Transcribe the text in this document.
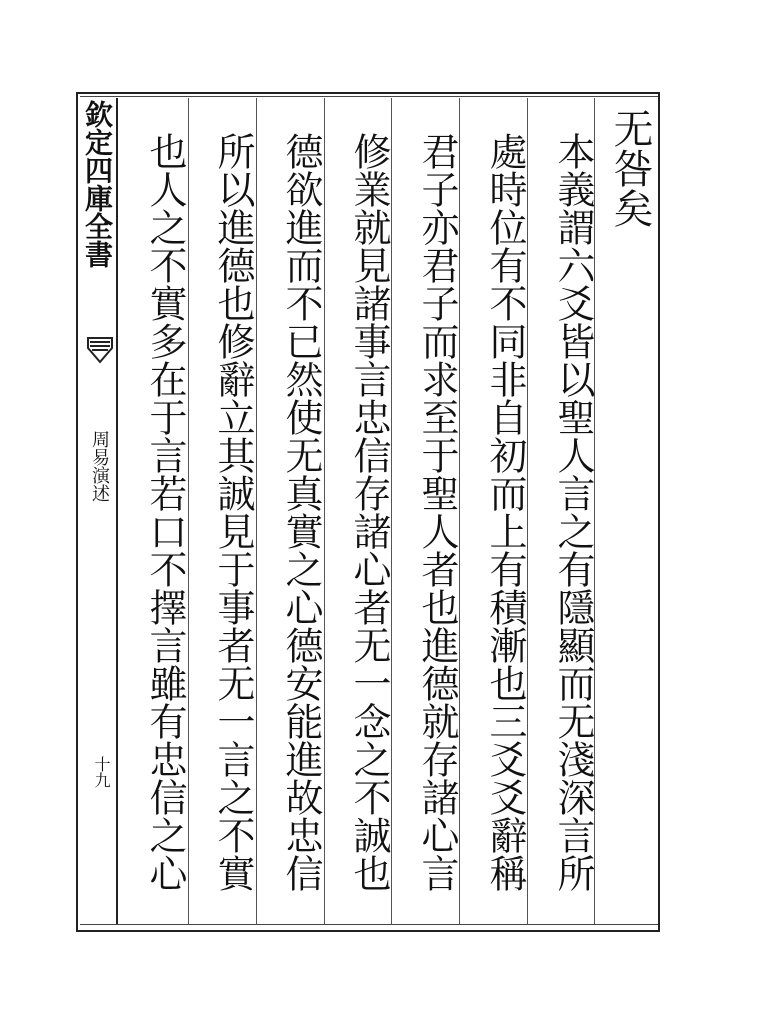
欽定四庫全書
周易演述
十九
无咎矣
本義謂六爻皆以聖人言之有隱顯而无淺深言所
處時位有不同非自初而上有積漸也三爻爻辭稱
君子亦君子而求至于聖人者也進德就存諸心言
修業就見諸事言忠信存諸心者无一念之不誠也
德欲進而不已然使无真實之心德安能進故忠信
所以進德也修辭立其誠見于事者无一言之不實
也人之不實多在于言若口不擇言雖有忠信之心
